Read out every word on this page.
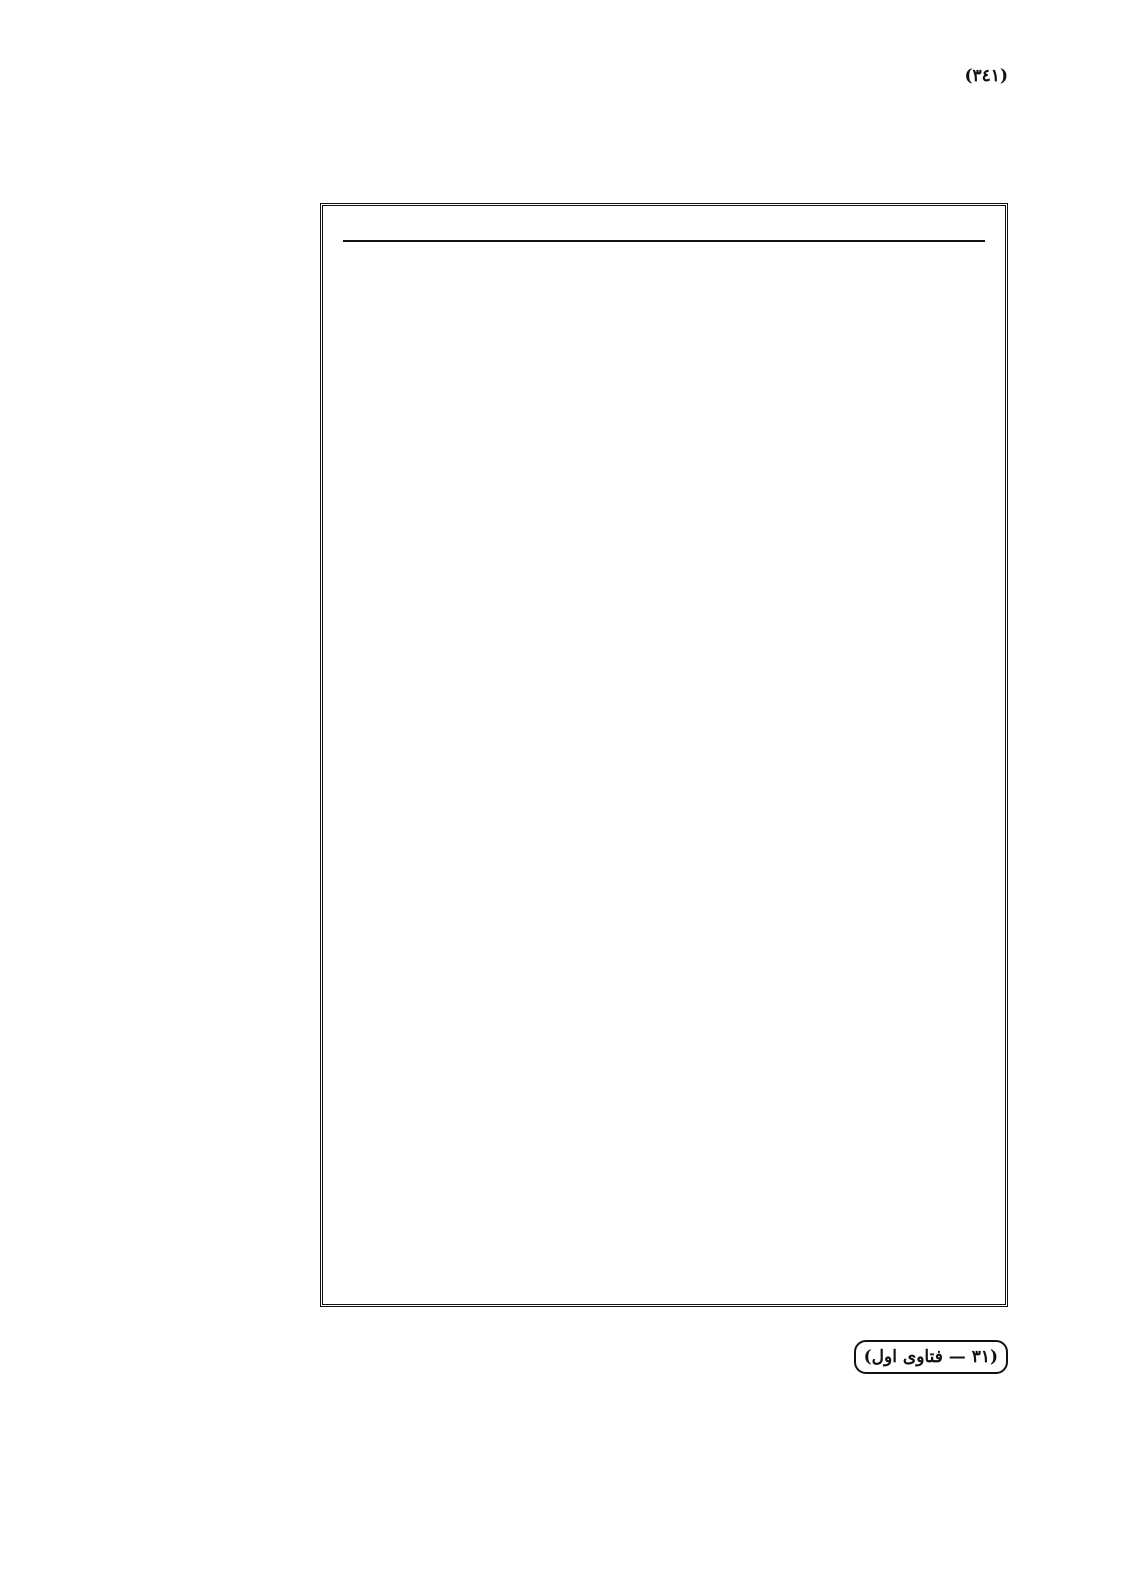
(٣٤١)
(٣١ — فتاوى اول)
